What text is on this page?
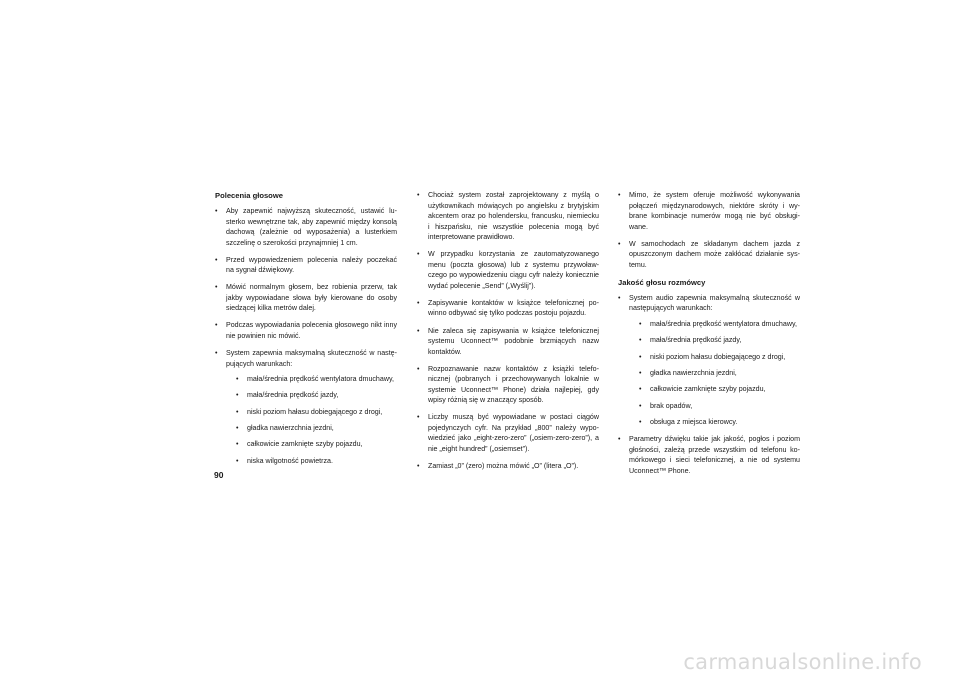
Polecenia głosowe
• Aby zapewnić najwyższą skuteczność, ustawić lusterko wewnętrzne tak, aby zapewnić między konsolą dachową (zależnie od wyposażenia) a lusterkiem szczelinę o szerokości przynajmniej 1 cm.
• Przed wypowiedzeniem polecenia należy poczekać na sygnał dźwiękowy.
• Mówić normalnym głosem, bez robienia przerw, tak jakby wypowiadane słowa były kierowane do osoby siedzącej kilka metrów dalej.
• Podczas wypowiadania polecenia głosowego nikt inny nie powinien nic mówić.
• System zapewnia maksymalną skuteczność w następujących warunkach:
• mała/średnia prędkość wentylatora dmuchawy,
• mała/średnia prędkość jazdy,
• niski poziom hałasu dobiegającego z drogi,
• gładka nawierzchnia jezdni,
• całkowicie zamknięte szyby pojazdu,
• niska wilgotność powietrza.
• Chociaż system został zaprojektowany z myślą o użytkownikach mówiących po angielsku z brytyjskim akcentem oraz po holendersku, francusku, niemiecku i hiszpańsku, nie wszystkie polecenia mogą być interpretowane prawidłowo.
• W przypadku korzystania ze zautomatyzowanego menu (poczta głosowa) lub z systemu przywoławczego po wypowiedzeniu ciągu cyfr należy koniecznie wydać polecenie „Send” („Wyślij”).
• Zapisywanie kontaktów w książce telefonicznej powinno odbywać się tylko podczas postoju pojazdu.
• Nie zaleca się zapisywania w książce telefonicznej systemu Uconnect™ podobnie brzmiących nazw kontaktów.
• Rozpoznawanie nazw kontaktów z książki telefonicznej (pobranych i przechowywanych lokalnie w systemie Uconnect™ Phone) działa najlepiej, gdy wpisy różnią się w znaczący sposób.
• Liczby muszą być wypowiadane w postaci ciągów pojedynczych cyfr. Na przykład „800” należy wypowiedzieć jako „eight-zero-zero” („osiem-zero-zero”), a nie „eight hundred” („osiemset”).
• Zamiast „0” (zero) można mówić „O” (litera „O”).
• Mimo, że system oferuje możliwość wykonywania połączeń międzynarodowych, niektóre skróty i wybrane kombinacje numerów mogą nie być obsługiwane.
• W samochodach ze składanym dachem jazda z opuszczonym dachem może zakłócać działanie systemu.
Jakość głosu rozmówcy
• System audio zapewnia maksymalną skuteczność w następujących warunkach:
• mała/średnia prędkość wentylatora dmuchawy,
• mała/średnia prędkość jazdy,
• niski poziom hałasu dobiegającego z drogi,
• gładka nawierzchnia jezdni,
• całkowicie zamknięte szyby pojazdu,
• brak opadów,
• obsługa z miejsca kierowcy.
• Parametry dźwięku takie jak jakość, pogłos i poziom głośności, zależą przede wszystkim od telefonu komórkowego i sieci telefonicznej, a nie od systemu Uconnect™ Phone.
90
carmanualsonline.info
